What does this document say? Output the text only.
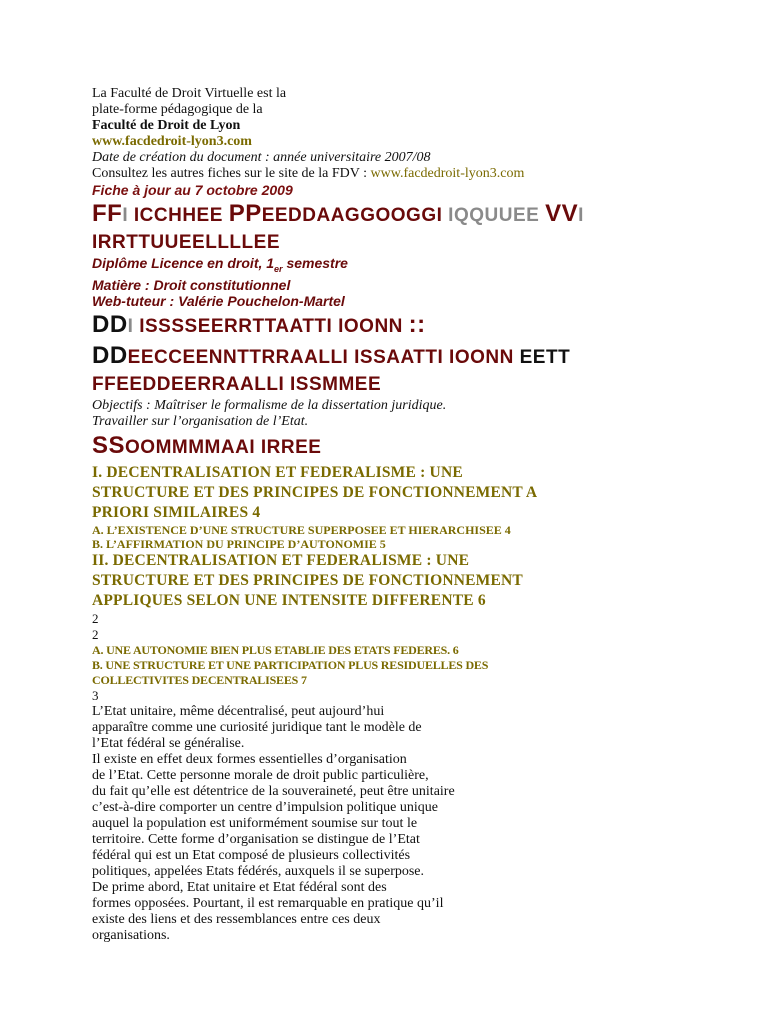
La Faculté de Droit Virtuelle est la
plate-forme pédagogique de la
Faculté de Droit de Lyon
www.facdedroit-lyon3.com
Date de création du document : année universitaire 2007/08
Consultez les autres fiches sur le site de la FDV : www.facdedroit-lyon3.com
Fiche à jour au 7 octobre 2009
FFI ICCHHEE PPEEDDAAGGOOGGI IQQUUEE VVI
IRRTTUUEELLLLEE
Diplôme Licence en droit, $1_{er}$ semestre
Matière : Droit constitutionnel
Web-tuteur : Valérie Pouchelon-Martel
DDI ISSSSEERRTTAATTI IOONN ::
DDEECCEENNTTRRAALLI ISSAATTI IOONN EETT
FFEEDDEERRAALLI ISSMMEE
Objectifs : Maîtriser le formalisme de la dissertation juridique.
Travailler sur l’organisation de l’Etat.
SSOOMMMMAAI IRREE
I. DECENTRALISATION ET FEDERALISME : UNE
STRUCTURE ET DES PRINCIPES DE FONCTIONNEMENT A
PRIORI SIMILAIRES 4
A. L’EXISTENCE D’UNE STRUCTURE SUPERPOSEE ET HIERARCHISEE 4
B. L’AFFIRMATION DU PRINCIPE D’AUTONOMIE 5
II. DECENTRALISATION ET FEDERALISME : UNE
STRUCTURE ET DES PRINCIPES DE FONCTIONNEMENT
APPLIQUES SELON UNE INTENSITE DIFFERENTE 6
2
2
A. UNE AUTONOMIE BIEN PLUS ETABLIE DES ETATS FEDERES. 6
B. UNE STRUCTURE ET UNE PARTICIPATION PLUS RESIDUELLES DES
COLLECTIVITES DECENTRALISEES 7
3
L’Etat unitaire, même décentralisé, peut aujourd’hui
apparaître comme une curiosité juridique tant le modèle de
l’Etat fédéral se généralise.
Il existe en effet deux formes essentielles d’organisation
de l’Etat. Cette personne morale de droit public particulière,
du fait qu’elle est détentrice de la souveraineté, peut être unitaire
c’est-à-dire comporter un centre d’impulsion politique unique
auquel la population est uniformément soumise sur tout le
territoire. Cette forme d’organisation se distingue de l’Etat
fédéral qui est un Etat composé de plusieurs collectivités
politiques, appelées Etats fédérés, auxquels il se superpose.
De prime abord, Etat unitaire et Etat fédéral sont des
formes opposées. Pourtant, il est remarquable en pratique qu’il
existe des liens et des ressemblances entre ces deux
organisations.
